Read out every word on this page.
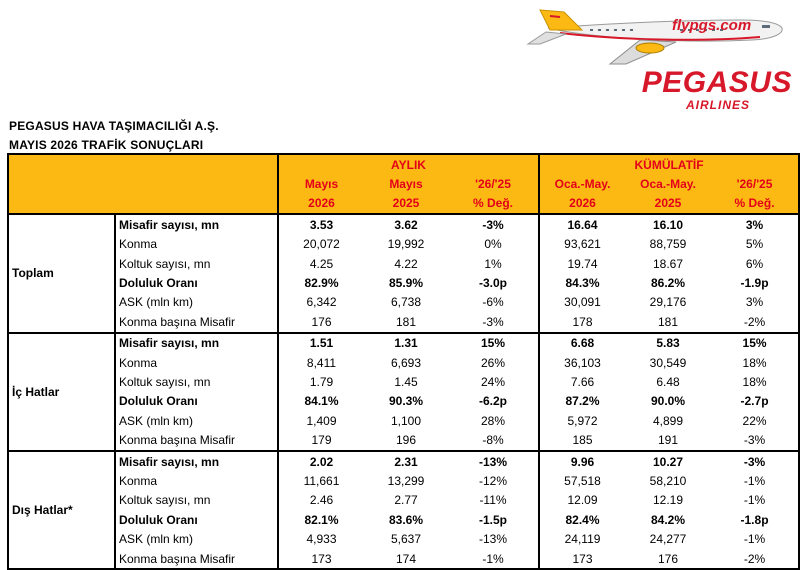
flypgs.com
PEGASUS
AIRLINES
PEGASUS HAVA TAŞIMACILIĞI A.Ş.
MAYIS 2026 TRAFİK SONUÇLARI
		AYLIK			KÜMÜLATİF		
		Mayıs	Mayıs	'26/'25	Oca.-May.	Oca.-May.	'26/'25
		2026	2025	% Değ.	2026	2025	% Değ.
Toplam	Misafir sayısı, mn	3.53	3.62	-3%	16.64	16.10	3%
	Konma	20,072	19,992	0%	93,621	88,759	5%
	Koltuk sayısı, mn	4.25	4.22	1%	19.74	18.67	6%
	Doluluk Oranı	82.9%	85.9%	-3.0p	84.3%	86.2%	-1.9p
	ASK (mln km)	6,342	6,738	-6%	30,091	29,176	3%
	Konma başına Misafir	176	181	-3%	178	181	-2%
İç Hatlar	Misafir sayısı, mn	1.51	1.31	15%	6.68	5.83	15%
	Konma	8,411	6,693	26%	36,103	30,549	18%
	Koltuk sayısı, mn	1.79	1.45	24%	7.66	6.48	18%
	Doluluk Oranı	84.1%	90.3%	-6.2p	87.2%	90.0%	-2.7p
	ASK (mln km)	1,409	1,100	28%	5,972	4,899	22%
	Konma başına Misafir	179	196	-8%	185	191	-3%
Dış Hatlar*	Misafir sayısı, mn	2.02	2.31	-13%	9.96	10.27	-3%
	Konma	11,661	13,299	-12%	57,518	58,210	-1%
	Koltuk sayısı, mn	2.46	2.77	-11%	12.09	12.19	-1%
	Doluluk Oranı	82.1%	83.6%	-1.5p	82.4%	84.2%	-1.8p
	ASK (mln km)	4,933	5,637	-13%	24,119	24,277	-1%
	Konma başına Misafir	173	174	-1%	173	176	-2%
